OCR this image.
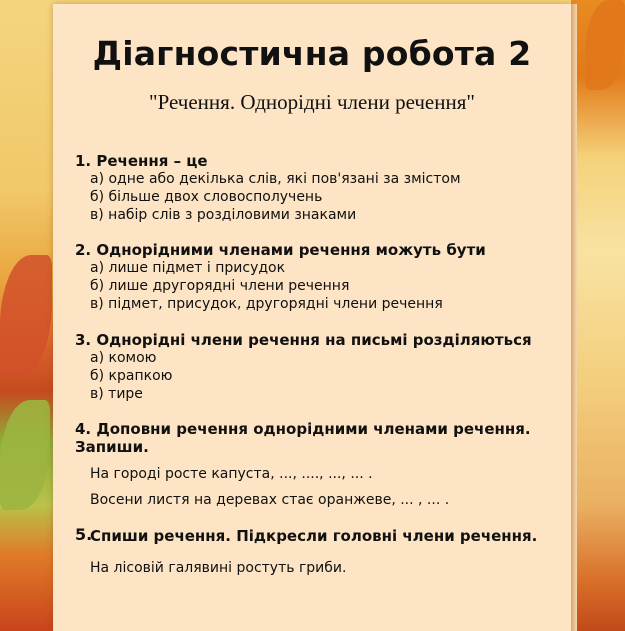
Діагностична робота 2
"Речення. Однорідні члени речення"
1. Речення – це
а) одне або декілька слів, які пов'язані за змістом
б) більше двох словосполучень
в) набір слів з розділовими знаками
2. Однорідними членами речення можуть бути
а) лише підмет і присудок
б) лише другорядні члени речення
в) підмет, присудок, другорядні члени речення
3. Однорідні члени речення на письмі розділяються
а) комою
б) крапкою
в) тире
4. Доповни речення однорідними членами речення.
Запиши.
На городі росте капуста, ..., ...., ..., ... .
Восени листя на деревах стає оранжеве, ... , ... .
5.
Спиши речення. Підкресли головні члени речення.
На лісовій галявині ростуть гриби.
